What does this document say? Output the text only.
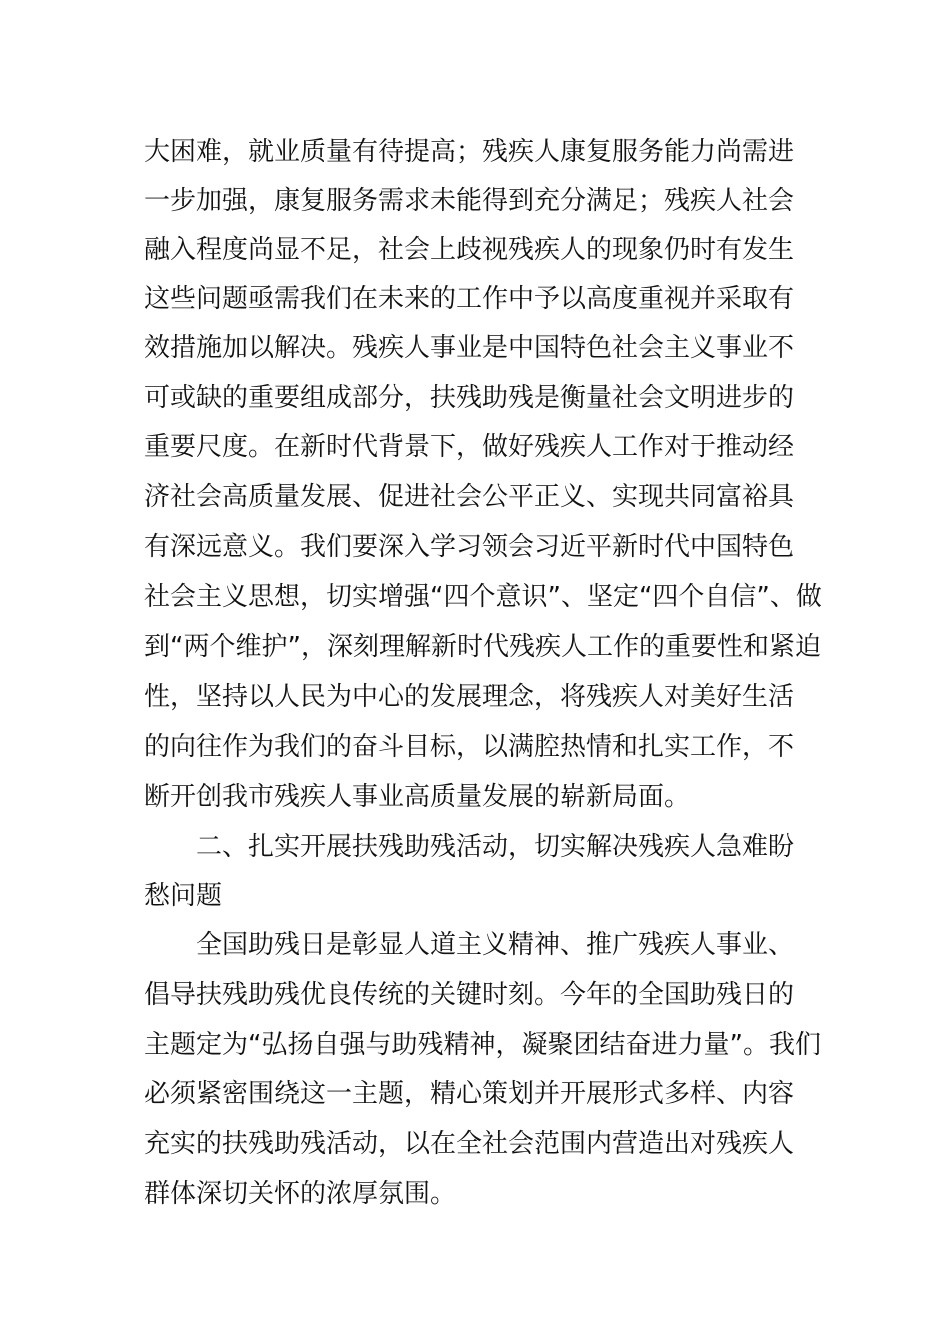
大困难，就业质量有待提高；残疾人康复服务能力尚需进
一步加强，康复服务需求未能得到充分满足；残疾人社会
融入程度尚显不足，社会上歧视残疾人的现象仍时有发生
这些问题亟需我们在未来的工作中予以高度重视并采取有
效措施加以解决。残疾人事业是中国特色社会主义事业不
可或缺的重要组成部分，扶残助残是衡量社会文明进步的
重要尺度。在新时代背景下，做好残疾人工作对于推动经
济社会高质量发展、促进社会公平正义、实现共同富裕具
有深远意义。我们要深入学习领会习近平新时代中国特色
社会主义思想，切实增强“四个意识”、坚定“四个自信”、做
到“两个维护”，深刻理解新时代残疾人工作的重要性和紧迫
性，坚持以人民为中心的发展理念，将残疾人对美好生活
的向往作为我们的奋斗目标，以满腔热情和扎实工作，不
断开创我市残疾人事业高质量发展的崭新局面。
二、扎实开展扶残助残活动，切实解决残疾人急难盼
愁问题
全国助残日是彰显人道主义精神、推广残疾人事业、
倡导扶残助残优良传统的关键时刻。今年的全国助残日的
主题定为“弘扬自强与助残精神，凝聚团结奋进力量”。我们
必须紧密围绕这一主题，精心策划并开展形式多样、内容
充实的扶残助残活动，以在全社会范围内营造出对残疾人
群体深切关怀的浓厚氛围。
